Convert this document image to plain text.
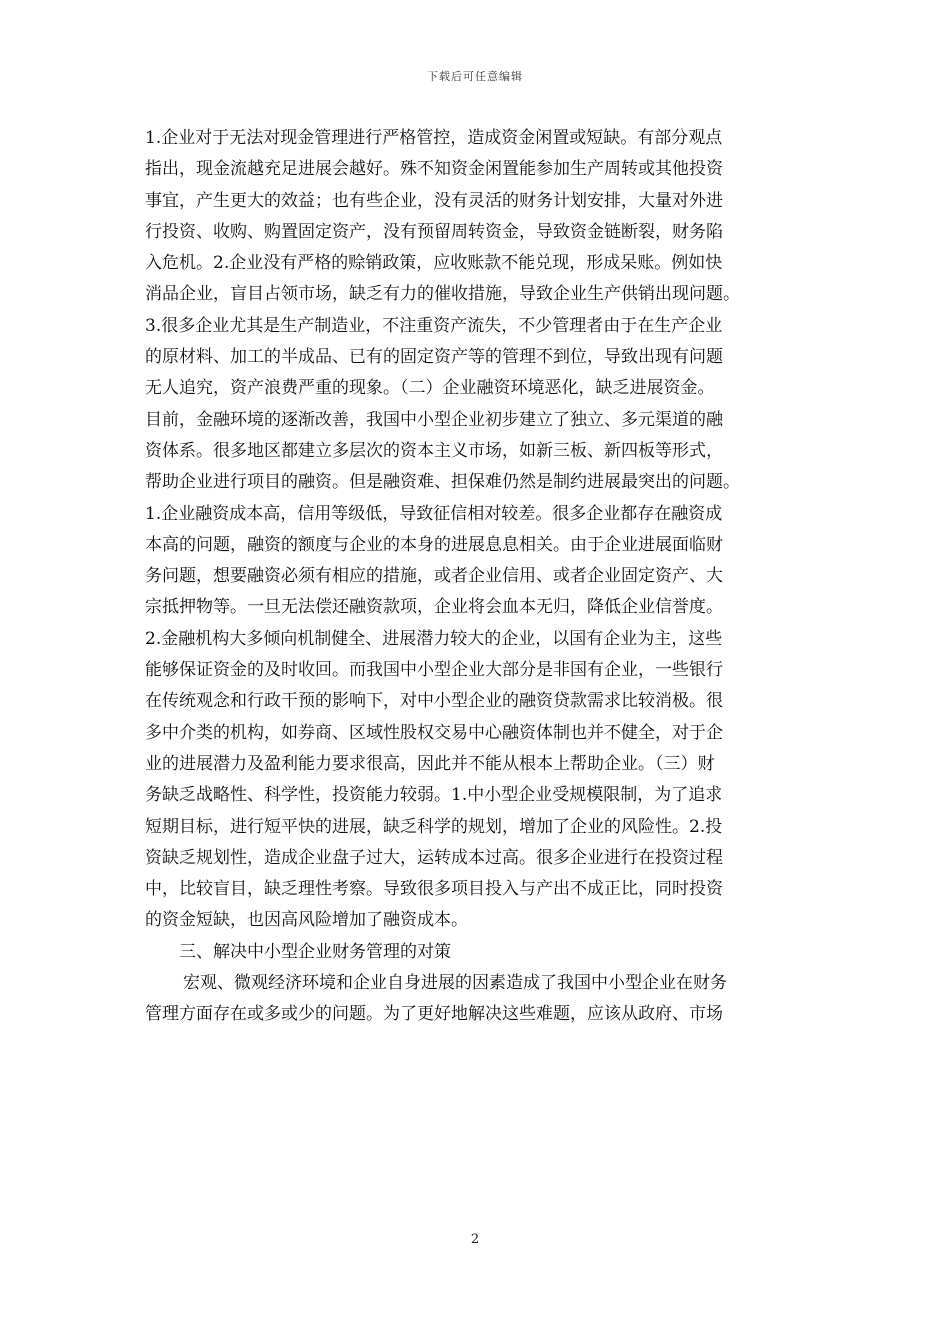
下载后可任意编辑
1.企业对于无法对现金管理进行严格管控，造成资金闲置或短缺。有部分观点
指出，现金流越充足进展会越好。殊不知资金闲置能参加生产周转或其他投资
事宜，产生更大的效益；也有些企业，没有灵活的财务计划安排，大量对外进
行投资、收购、购置固定资产，没有预留周转资金，导致资金链断裂，财务陷
入危机。2.企业没有严格的赊销政策，应收账款不能兑现，形成呆账。例如快
消品企业，盲目占领市场，缺乏有力的催收措施，导致企业生产供销出现问题。
3.很多企业尤其是生产制造业，不注重资产流失，不少管理者由于在生产企业
的原材料、加工的半成品、已有的固定资产等的管理不到位，导致出现有问题
无人追究，资产浪费严重的现象。（二）企业融资环境恶化，缺乏进展资金。
目前，金融环境的逐渐改善，我国中小型企业初步建立了独立、多元渠道的融
资体系。很多地区都建立多层次的资本主义市场，如新三板、新四板等形式，
帮助企业进行项目的融资。但是融资难、担保难仍然是制约进展最突出的问题。
1.企业融资成本高，信用等级低，导致征信相对较差。很多企业都存在融资成
本高的问题，融资的额度与企业的本身的进展息息相关。由于企业进展面临财
务问题，想要融资必须有相应的措施，或者企业信用、或者企业固定资产、大
宗抵押物等。一旦无法偿还融资款项，企业将会血本无归，降低企业信誉度。
2.金融机构大多倾向机制健全、进展潜力较大的企业，以国有企业为主，这些
能够保证资金的及时收回。而我国中小型企业大部分是非国有企业，一些银行
在传统观念和行政干预的影响下，对中小型企业的融资贷款需求比较消极。很
多中介类的机构，如券商、区域性股权交易中心融资体制也并不健全，对于企
业的进展潜力及盈利能力要求很高，因此并不能从根本上帮助企业。（三）财
务缺乏战略性、科学性，投资能力较弱。1.中小型企业受规模限制，为了追求
短期目标，进行短平快的进展，缺乏科学的规划，增加了企业的风险性。2.投
资缺乏规划性，造成企业盘子过大，运转成本过高。很多企业进行在投资过程
中，比较盲目，缺乏理性考察。导致很多项目投入与产出不成正比，同时投资
的资金短缺，也因高风险增加了融资成本。
三、解决中小型企业财务管理的对策
宏观、微观经济环境和企业自身进展的因素造成了我国中小型企业在财务
管理方面存在或多或少的问题。为了更好地解决这些难题，应该从政府、市场
2
